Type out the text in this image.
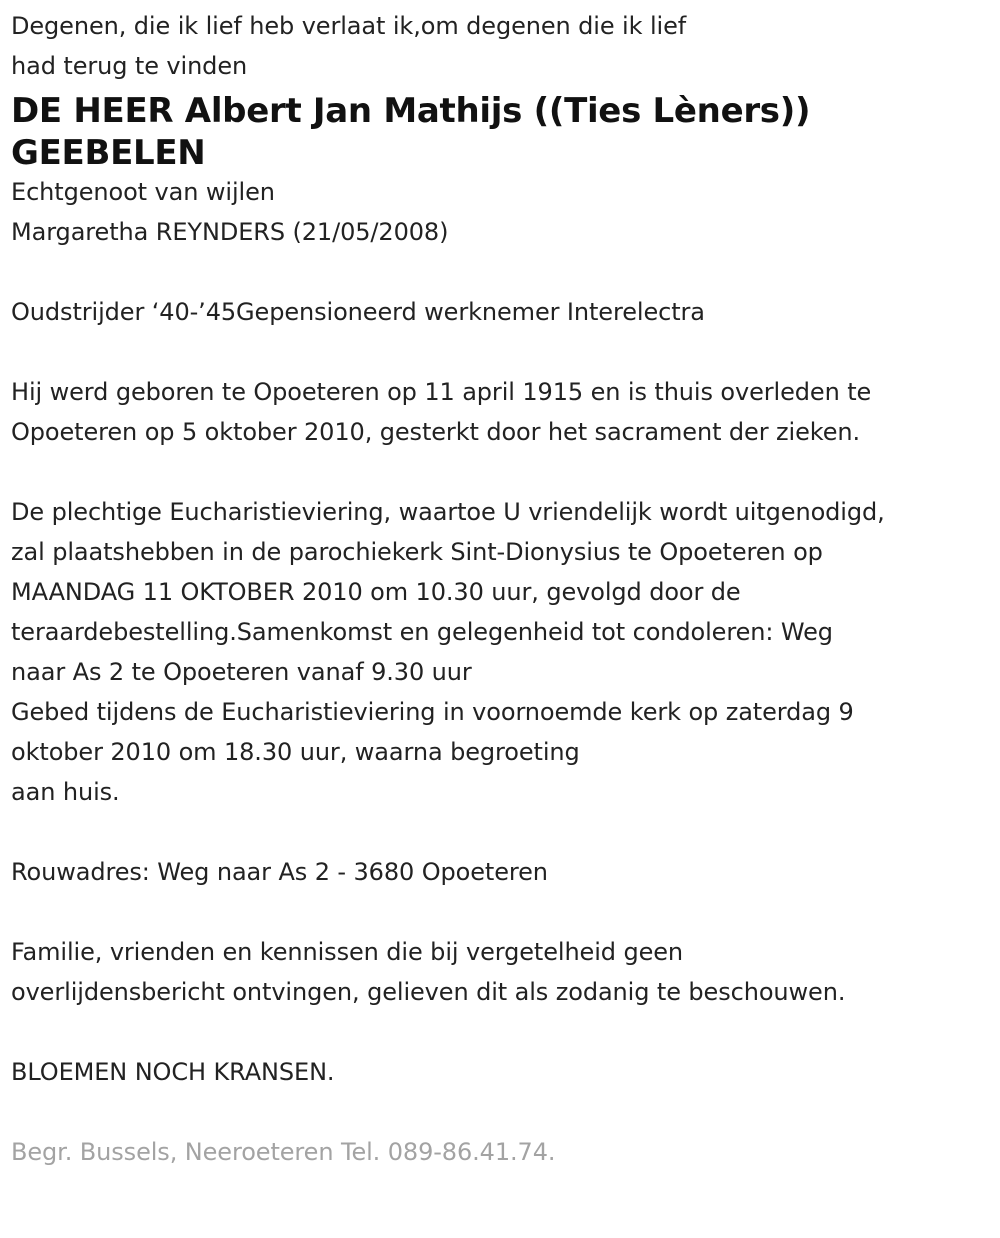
Degenen, die ik lief heb verlaat ik,om degenen die ik lief
had terug te vinden
DE HEER Albert Jan Mathijs ((Ties Lèners))
GEEBELEN
Echtgenoot van wijlen
Margaretha REYNDERS (21/05/2008)
Oudstrijder ‘40-’45Gepensioneerd werknemer Interelectra
Hij werd geboren te Opoeteren op 11 april 1915 en is thuis overleden te
Opoeteren op 5 oktober 2010, gesterkt door het sacrament der zieken.
De plechtige Eucharistieviering, waartoe U vriendelijk wordt uitgenodigd,
zal plaatshebben in de parochiekerk Sint-Dionysius te Opoeteren op
MAANDAG 11 OKTOBER 2010 om 10.30 uur, gevolgd door de
teraardebestelling.Samenkomst en gelegenheid tot condoleren: Weg
naar As 2 te Opoeteren vanaf 9.30 uur
Gebed tijdens de Eucharistieviering in voornoemde kerk op zaterdag 9
oktober 2010 om 18.30 uur, waarna begroeting
aan huis.
Rouwadres: Weg naar As 2 - 3680 Opoeteren
Familie, vrienden en kennissen die bij vergetelheid geen
overlijdensbericht ontvingen, gelieven dit als zodanig te beschouwen.
BLOEMEN NOCH KRANSEN.
Begr. Bussels, Neeroeteren Tel. 089-86.41.74.
